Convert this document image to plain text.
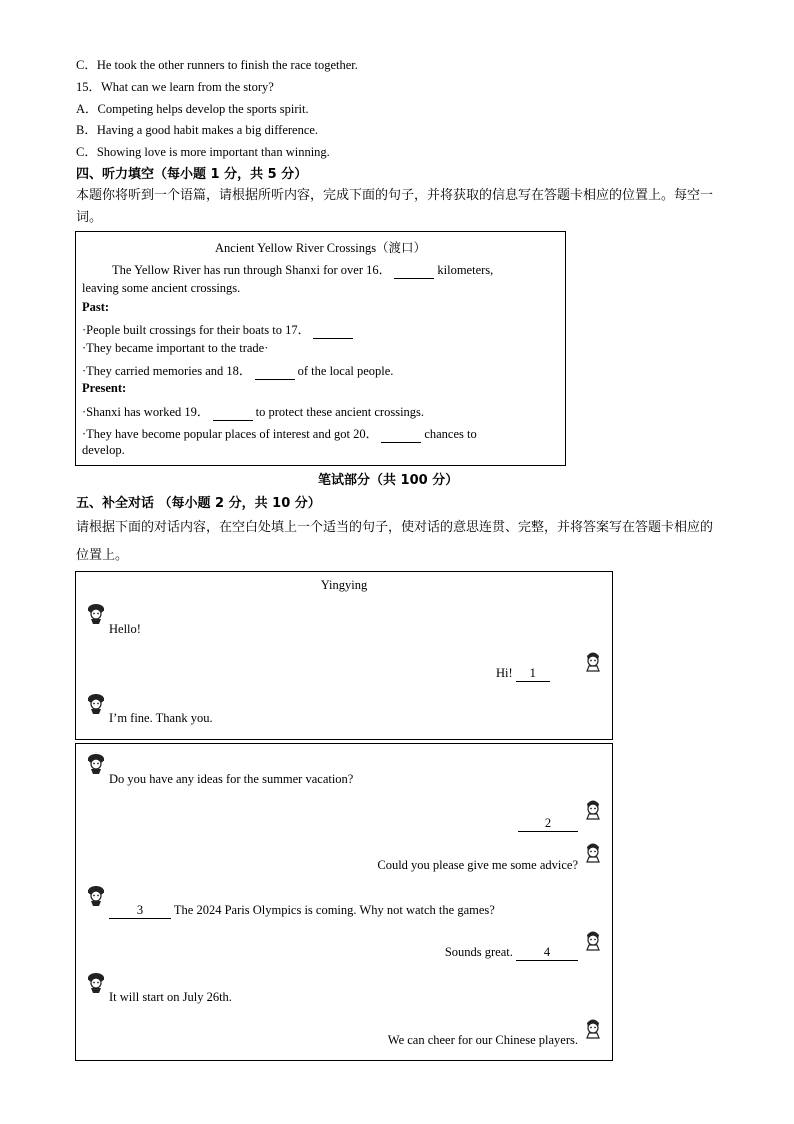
C．He took the other runners to finish the race together.
15．What can we learn from the story?
A．Competing helps develop the sports spirit.
B．Having a good habit makes a big difference.
C．Showing love is more important than winning.
四、听力填空（每小题 1 分，共 5 分）
本题你将听到一个语篇，请根据所听内容，完成下面的句子，并将获取的信息写在答题卡相应的位置上。每空一词。
Ancient Yellow River Crossings（渡口）
The Yellow River has run through Shanxi for over 16．	kilometers,
leaving some ancient crossings.
Past:
·People built crossings for their boats to 17．
·They became important to the trade·
·They carried memories and 18．	of the local people.
Present:
·Shanxi has worked 19．	to protect these ancient crossings.
·They have become popular places of interest and got 20．	chances to
develop.
笔试部分（共 100 分）
五、补全对话 （每小题 2 分，共 10 分）
请根据下面的对话内容，在空白处填上一个适当的句子，使对话的意思连贯、完整，并将答案写在答题卡相应的位置上。
Yingying
Hello!
Hi! 1
I’m fine. Thank you.
Do you have any ideas for the summer vacation?
2
Could you please give me some advice?
3 The 2024 Paris Olympics is coming. Why not watch the games?
Sounds great. 4
It will start on July 26th.
We can cheer for our Chinese players.
